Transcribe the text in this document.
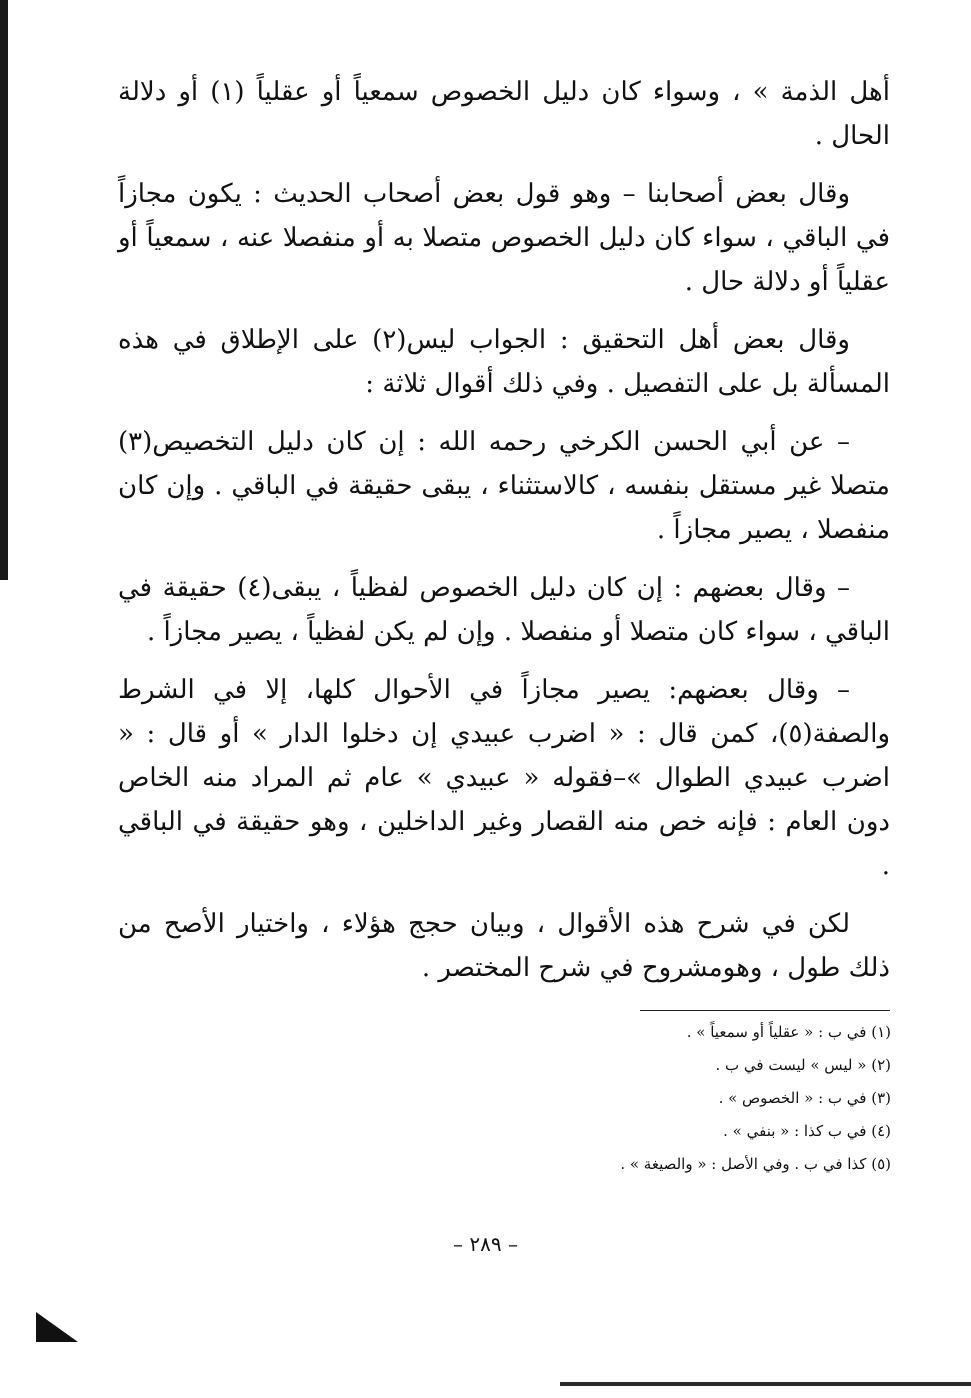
أهل الذمة » ، وسواء كان دليل الخصوص سمعياً أو عقلياً (١) أو دلالة الحال .

وقال بعض أصحابنا – وهو قول بعض أصحاب الحديث : يكون مجازاً في الباقي ، سواء كان دليل الخصوص متصلا به أو منفصلا عنه ، سمعياً أو عقلياً أو دلالة حال .

وقال بعض أهل التحقيق : الجواب ليس(٢) على الإطلاق في هذه المسألة بل على التفصيل . وفي ذلك أقوال ثلاثة :

– عن أبي الحسن الكرخي رحمه الله : إن كان دليل التخصيص(٣) متصلا غير مستقل بنفسه ، كالاستثناء ، يبقى حقيقة في الباقي . وإن كان منفصلا ، يصير مجازاً .

– وقال بعضهم : إن كان دليل الخصوص لفظياً ، يبقى(٤) حقيقة في الباقي ، سواء كان متصلا أو منفصلا . وإن لم يكن لفظياً ، يصير مجازاً .

– وقال بعضهم: يصير مجازاً في الأحوال كلها، إلا في الشرط والصفة(٥)، كمن قال : « اضرب عبيدي إن دخلوا الدار » أو قال : « اضرب عبيدي الطوال »–فقوله « عبيدي » عام ثم المراد منه الخاص دون العام : فإنه خص منه القصار وغير الداخلين ، وهو حقيقة في الباقي .

لكن في شرح هذه الأقوال ، وبيان حجج هؤلاء ، واختيار الأصح من ذلك طول ، وهومشروح في شرح المختصر .

(١) في ب : « عقلياً أو سمعياً » .

(٢) « ليس » ليست في ب .

(٣) في ب : « الخصوص » .

(٤) في ب كذا : « بنفي » .

(٥) كذا في ب . وفي الأصل : « والصيغة » .

– ٢٨٩ –
